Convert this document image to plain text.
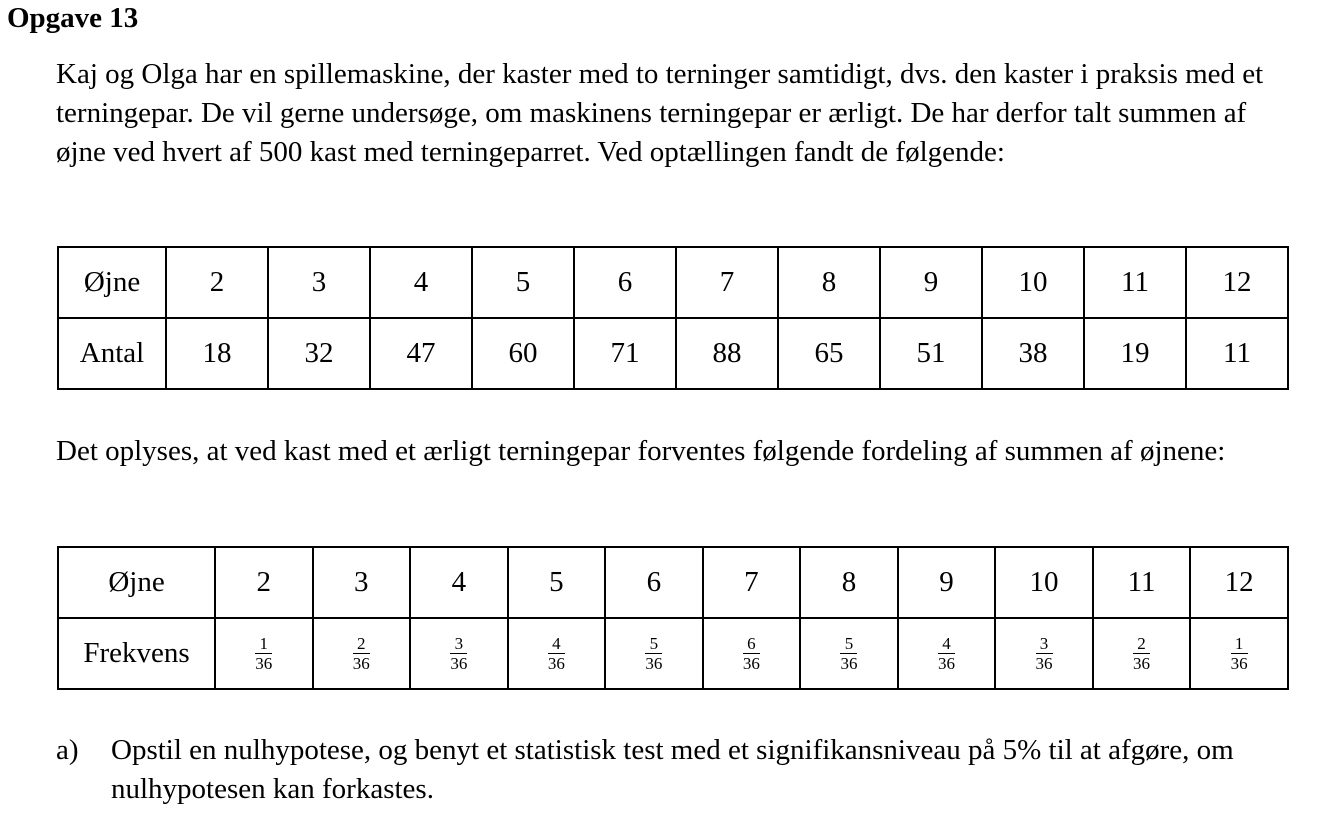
Opgave 13

Kaj og Olga har en spillemaskine, der kaster med to terninger samtidigt, dvs. den kaster i praksis med et terningepar. De vil gerne undersøge, om maskinens terningepar er ærligt. De har derfor talt summen af øjne ved hvert af 500 kast med terningeparret. Ved optællingen fandt de følgende:

Øjne	2	3	4	5	6	7	8	9	10	11	12
Antal	18	32	47	60	71	88	65	51	38	19	11

Det oplyses, at ved kast med et ærligt terningepar forventes følgende fordeling af summen af øjnene:

Øjne	2	3	4	5	6	7	8	9	10	11	12
Frekvens	$\frac{1}{36}$	$\frac{2}{36}$	$\frac{3}{36}$	$\frac{4}{36}$	$\frac{5}{36}$	$\frac{6}{36}$	$\frac{5}{36}$	$\frac{4}{36}$	$\frac{3}{36}$	$\frac{2}{36}$	$\frac{1}{36}$
a) Opstil en nulhypotese, og benyt et statistisk test med et signifikansniveau på 5% til at afgøre, om nulhypotesen kan forkastes.
